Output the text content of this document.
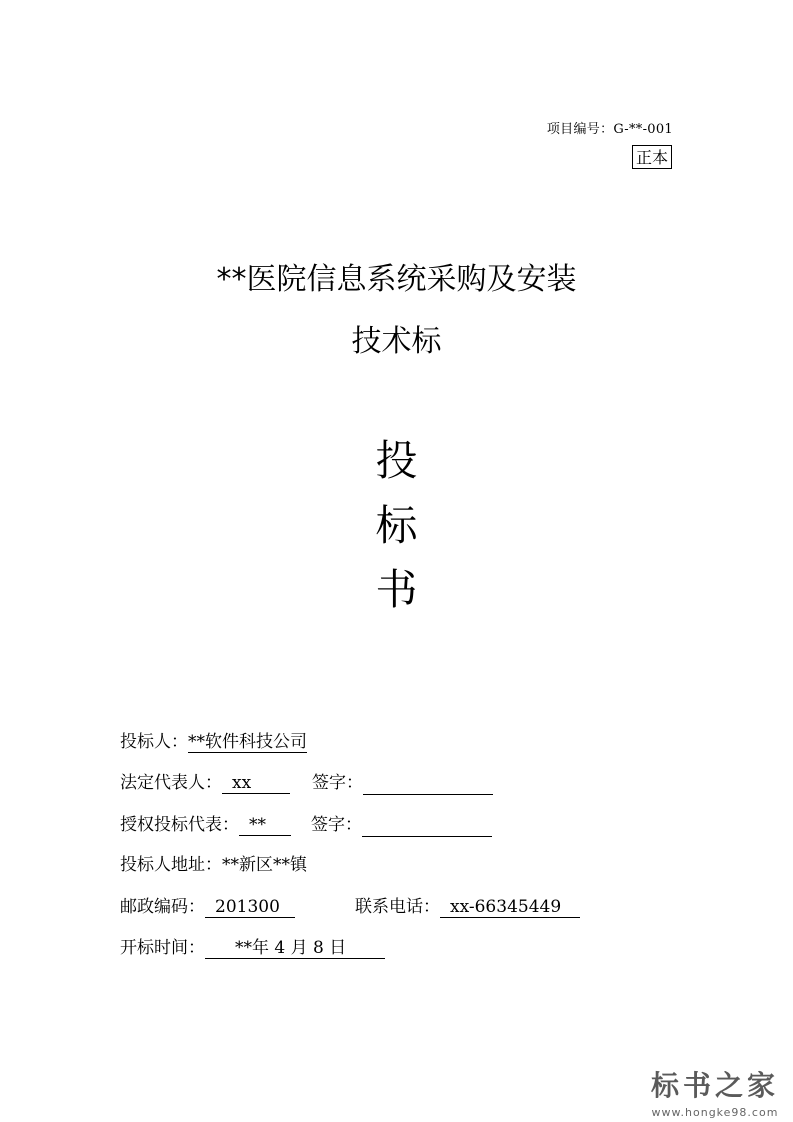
项目编号：G-**-001
正本
**医院信息系统采购及安装
技术标
投
标
书
投标人：**软件科技公司
法定代表人： xx	签字：
授权投标代表： **	签字：
投标人地址：**新区**镇
邮政编码： 201300	联系电话： xx-66345449
开标时间： **年 4 月 8 日
标书之家
www.hongke98.com
